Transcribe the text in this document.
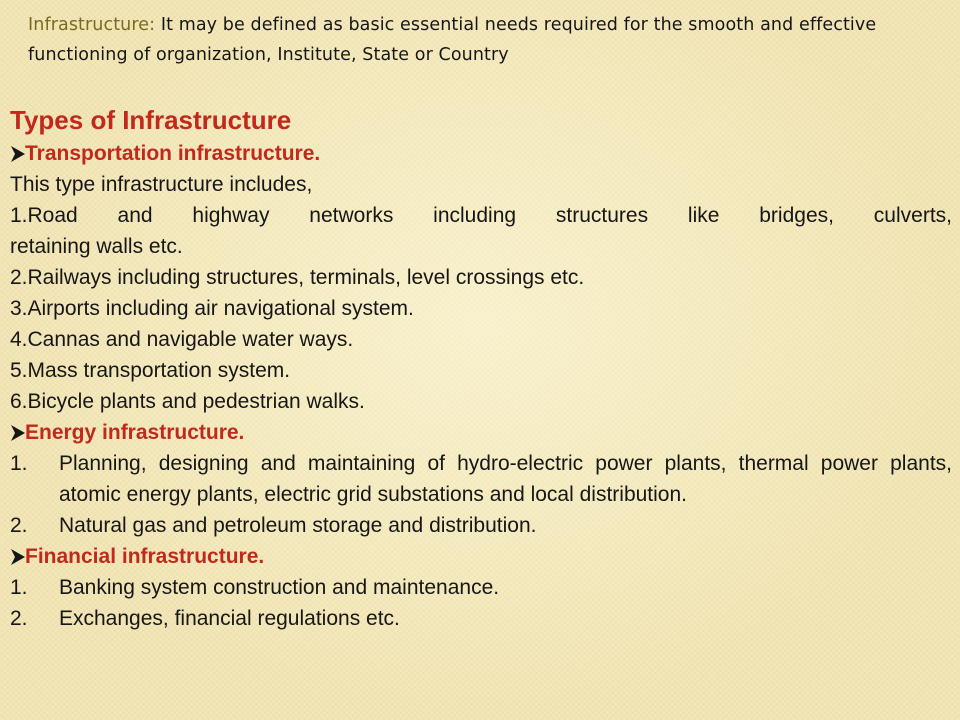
Infrastructure: It may be defined as basic essential needs required for the smooth and effective functioning of organization, Institute, State or Country
Types of Infrastructure
Transportation infrastructure.

This type infrastructure includes,

1.Road and highway networks including structures like bridges, culverts,

retaining walls etc.

2.Railways including structures, terminals, level crossings etc.

3.Airports including air navigational system.

4.Cannas and navigable water ways.

5.Mass transportation system.

6.Bicycle plants and pedestrian walks.

Energy infrastructure.
1.	Planning, designing and maintaining of hydro-electric power plants, thermal power plants, atomic energy plants, electric grid substations and local distribution.
2.	Natural gas and petroleum storage and distribution.
Financial infrastructure.
1.	Banking system construction and maintenance.
2.	Exchanges, financial regulations etc.
